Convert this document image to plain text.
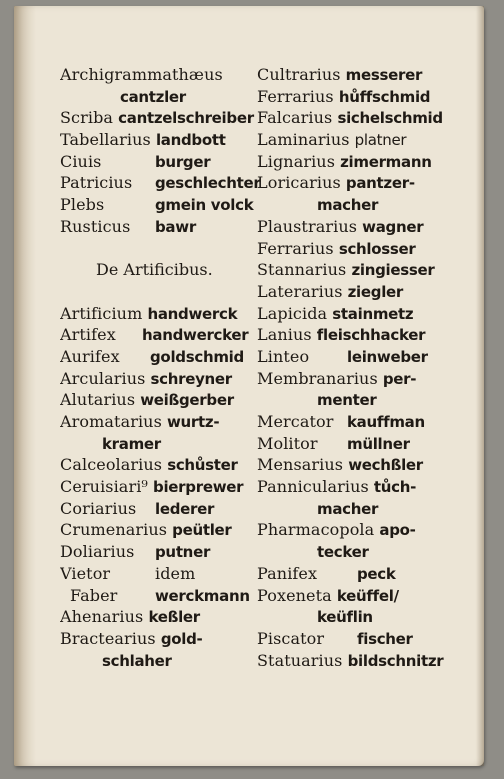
Archigrammathæus
cantzler
Scriba cantzelschreiber
Tabellarius landbott
Ciuis	burger
Patricius geschlechter
Plebs	gmein volck
Rusticus bawr
De Artificibus.
Artificium handwerck
Artifex handwercker
Aurifex goldschmid
Arcularius schreyner
Alutarius weißgerber
Aromatarius wurtz-
kramer
Calceolarius schůster
Ceruisiari⁹ bierprewer
Coriarius lederer
Crumenarius peütler
Doliarius putner
Vietor	idem
Faber	werckmann
Ahenarius keßler
Bractearius gold-
schlaher
Cultrarius messerer
Ferrarius hůffschmid
Falcarius sichelschmid
Laminarius platner
Lignarius zimermann
Loricarius pantzer-
macher
Plaustrarius wagner
Ferrarius schlosser
Stannarius zingiesser
Laterarius ziegler
Lapicida stainmetz
Lanius fleischhacker
Linteo	leinweber
Membranarius per-
menter
Mercator kauffman
Molitor müllner
Mensarius wechßler
Pannicularius tůch-
macher
Pharmacopola apo-
tecker
Panifex	peck
Poxeneta keüffel/
keüflin
Piscator fischer
Statuarius bildschnitzr
